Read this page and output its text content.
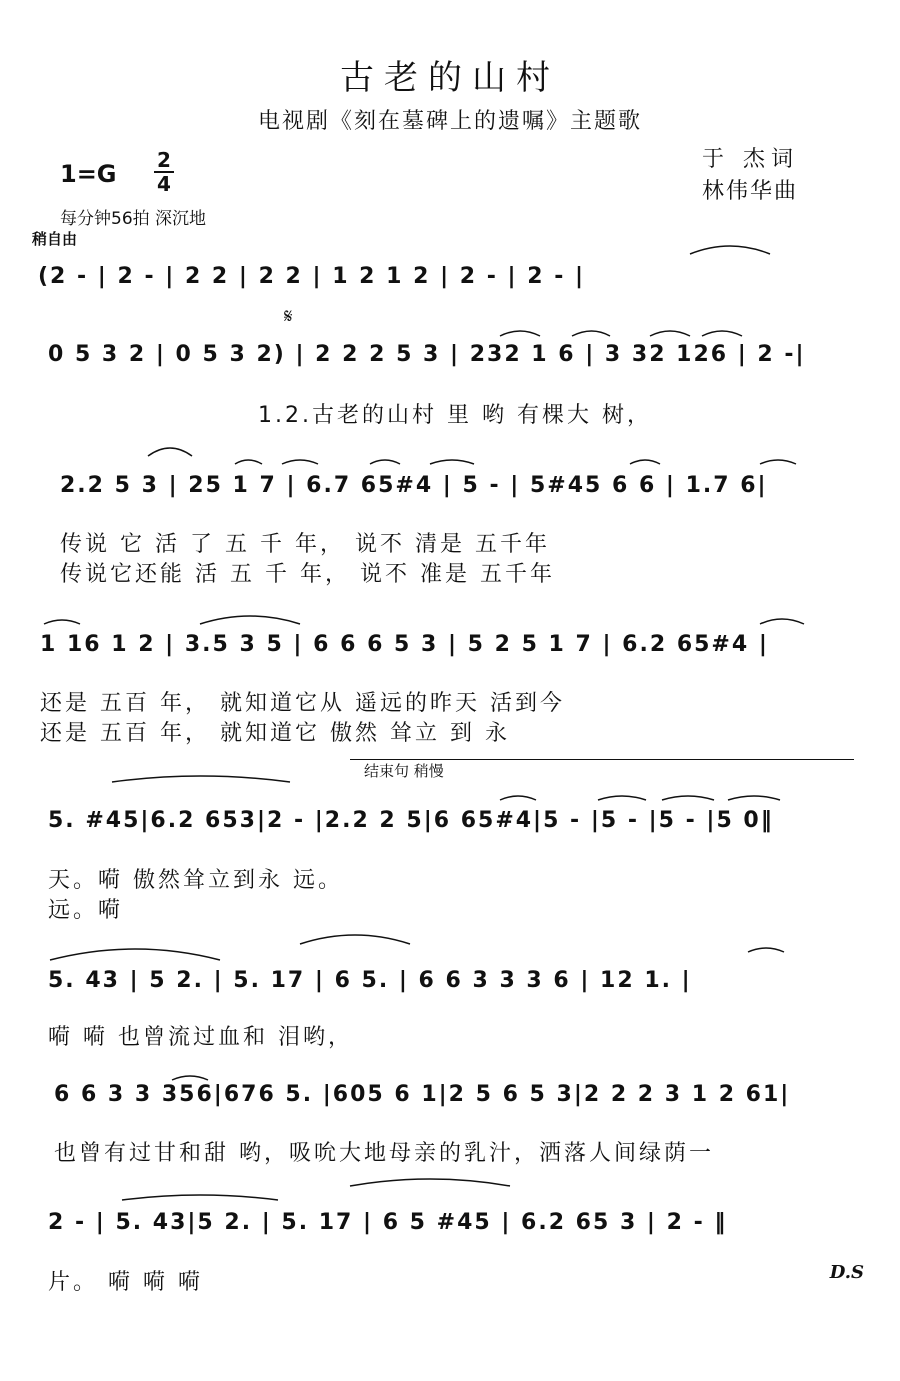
古老的山村
电视剧《刻在墓碑上的遗嘱》主题歌
于 杰词
林伟华曲
1=G 2
4
每分钟56拍 深沉地
稍自由
𝄋
(2 - | 2 - | 2 2 | 2 2 | 1 2 1 2 | 2 - | 2 - |
0 5 3 2 | 0 5 3 2) | 2 2 2 5 3 | 232 1 6 | 3 32 126 | 2 -|
1.2.古老的山村 里 哟 有棵大 树，
2.2 5 3 | 25 1 7 | 6.7 65#4 | 5 - | 5#45 6 6 | 1.7 6|
传说 它 活 了 五 千 年， 说不 清是 五千年
传说它还能 活 五 千 年， 说不 准是 五千年
1 16 1 2 | 3.5 3 5 | 6 6 6 5 3 | 5 2 5 1 7 | 6.2 65#4 |
还是 五百 年， 就知道它从 遥远的昨天 活到今
还是 五百 年， 就知道它 傲然 耸立 到 永
结束句 稍慢
5. #45|6.2 653|2 - |2.2 2 5|6 65#4|5 - |5 - |5 - |5 0‖
天。嗬 傲然耸立到永 远。
远。嗬
5. 43 | 5 2. | 5. 17 | 6 5. | 6 6 3 3 3 6 | 12 1. |
嗬 嗬 也曾流过血和 泪哟，
6 6 3 3 356|676 5. |605 6 1|2 5 6 5 3|2 2 2 3 1 2 61|
也曾有过甘和甜 哟，吸吮大地母亲的乳汁，洒落人间绿荫一
2 - | 5. 43|5 2. | 5. 17 | 6 5 #45 | 6.2 65 3 | 2 - ‖
片。 嗬 嗬 嗬	D.S
